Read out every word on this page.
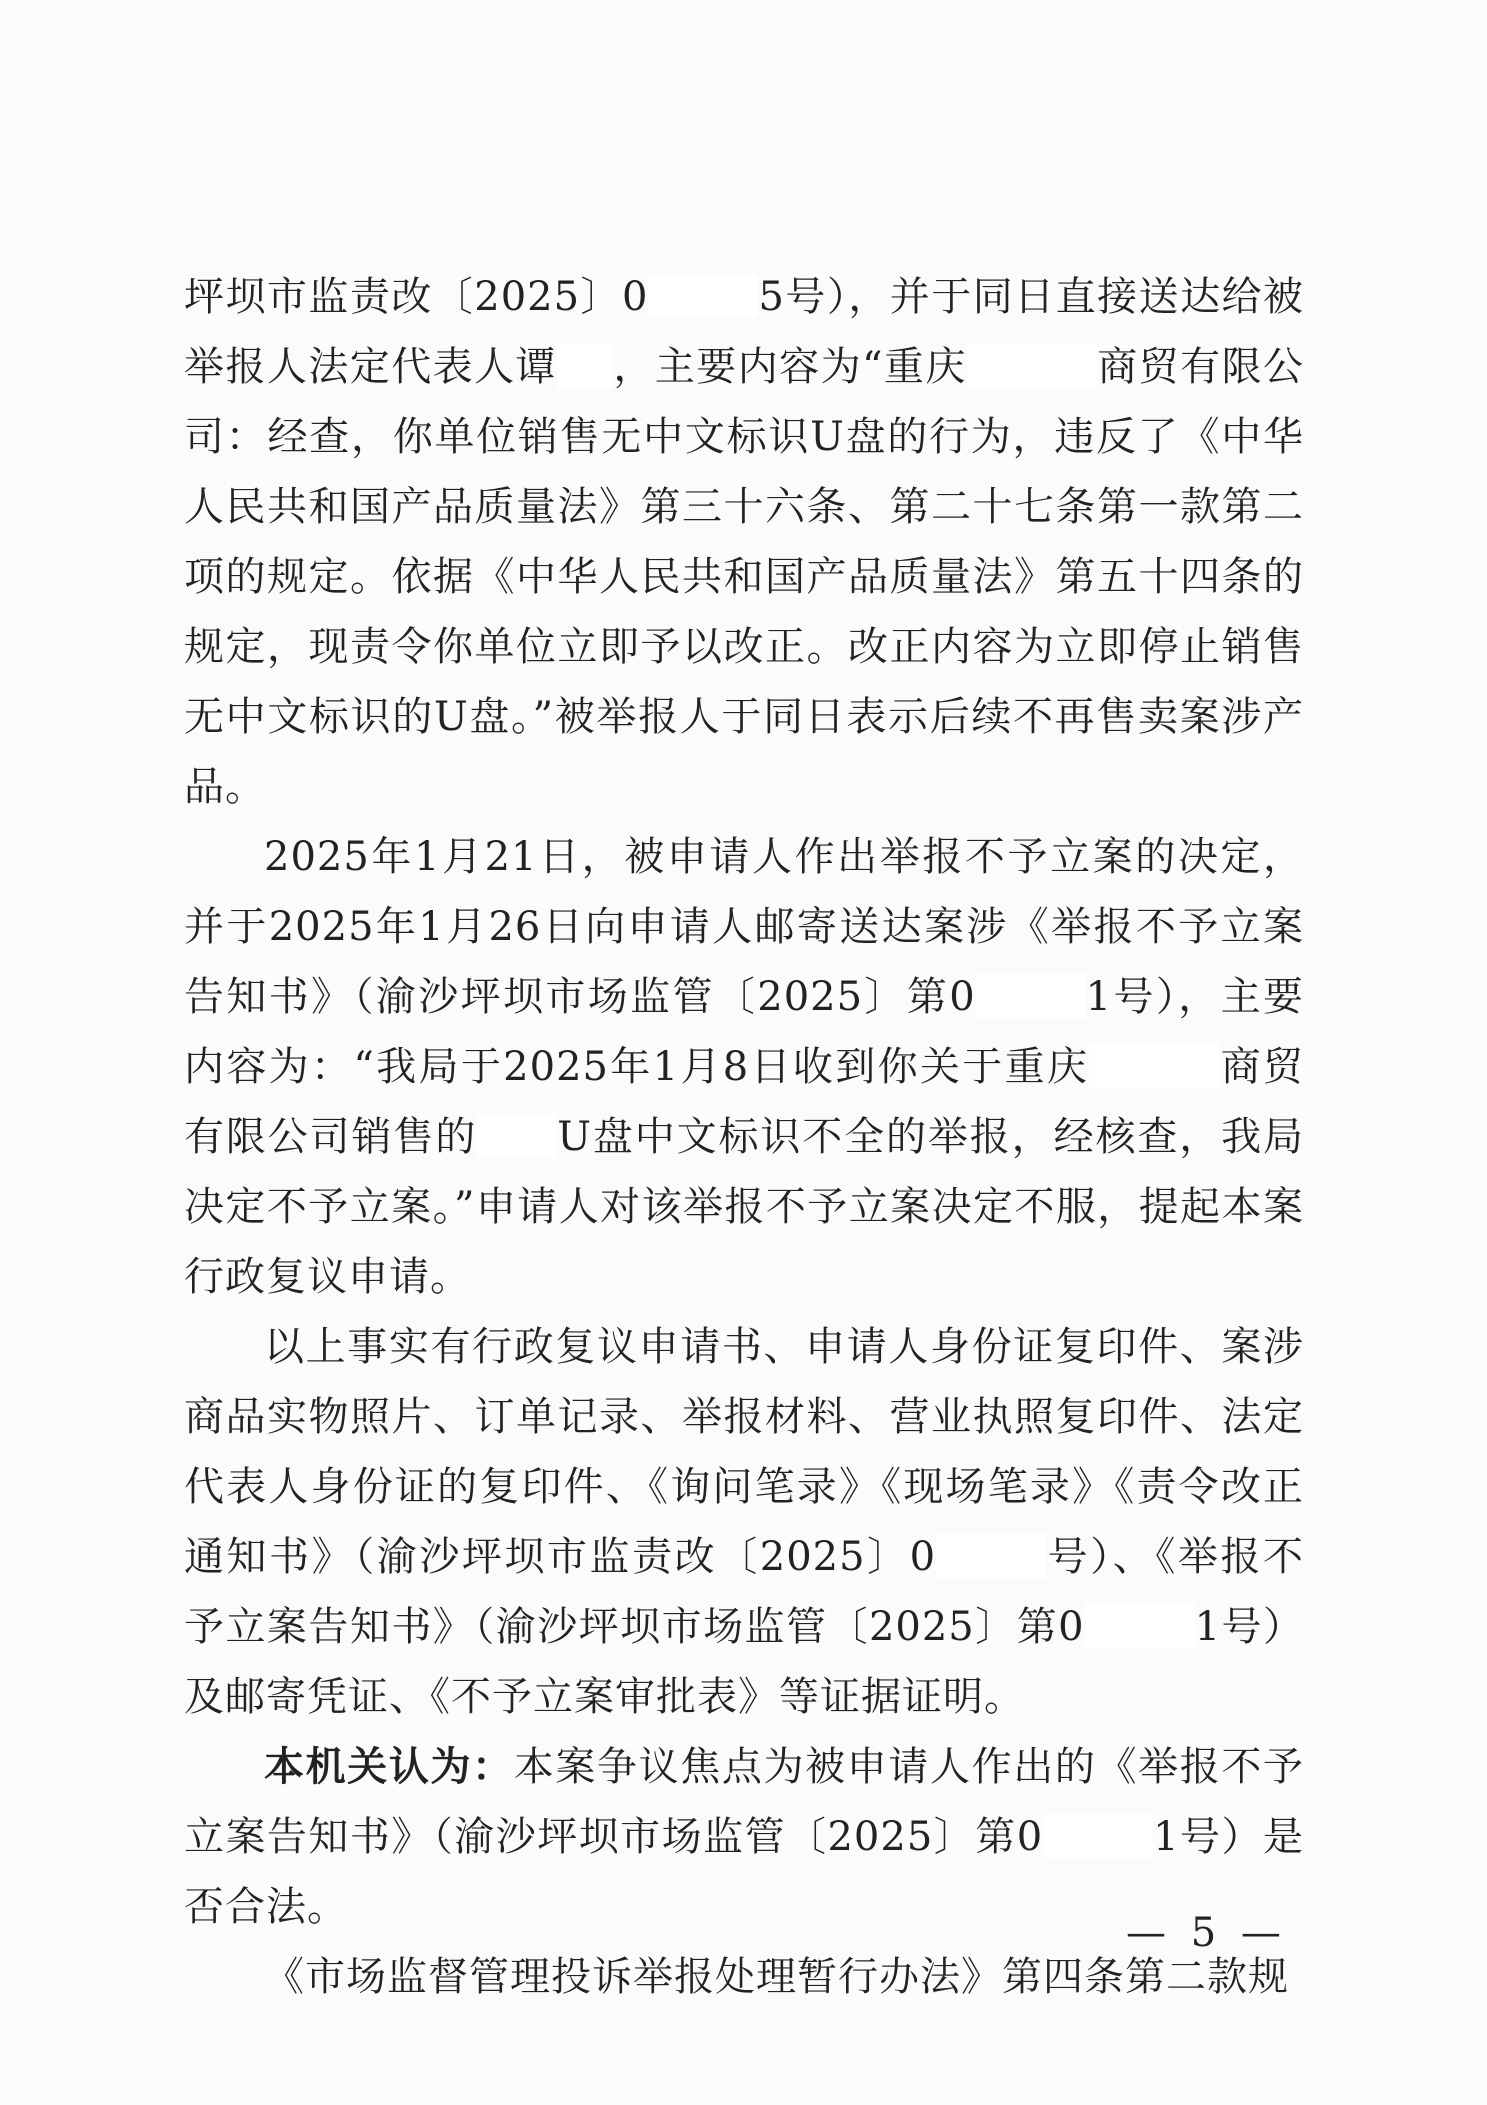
坪坝市监责改〔2025〕0	5号），并于同日直接送达给被举报人法定代表人谭 ，主要内容为“重庆	商贸有限公司：经查，你单位销售无中文标识U盘的行为，违反了《中华人民共和国产品质量法》第三十六条、第二十七条第一款第二项的规定。依据《中华人民共和国产品质量法》第五十四条的规定，现责令你单位立即予以改正。改正内容为立即停止销售无中文标识的U盘。”被举报人于同日表示后续不再售卖案涉产品。

2025年1月21日，被申请人作出举报不予立案的决定，并于2025年1月26日向申请人邮寄送达案涉《举报不予立案告知书》（渝沙坪坝市场监管〔2025〕第0	1号），主要内容为：“我局于2025年1月8日收到你关于重庆	商贸有限公司销售的 U盘中文标识不全的举报，经核查，我局决定不予立案。”申请人对该举报不予立案决定不服，提起本案行政复议申请。

以上事实有行政复议申请书、申请人身份证复印件、案涉商品实物照片、订单记录、举报材料、营业执照复印件、法定代表人身份证的复印件、《询问笔录》《现场笔录》《责令改正通知书》（渝沙坪坝市监责改〔2025〕0	号）、《举报不予立案告知书》（渝沙坪坝市场监管〔2025〕第0	1号）及邮寄凭证、《不予立案审批表》等证据证明。

本机关认为：本案争议焦点为被申请人作出的《举报不予立案告知书》（渝沙坪坝市场监管〔2025〕第0	1号）是否合法。

《市场监督管理投诉举报处理暂行办法》第四条第二款规

— 5 —
